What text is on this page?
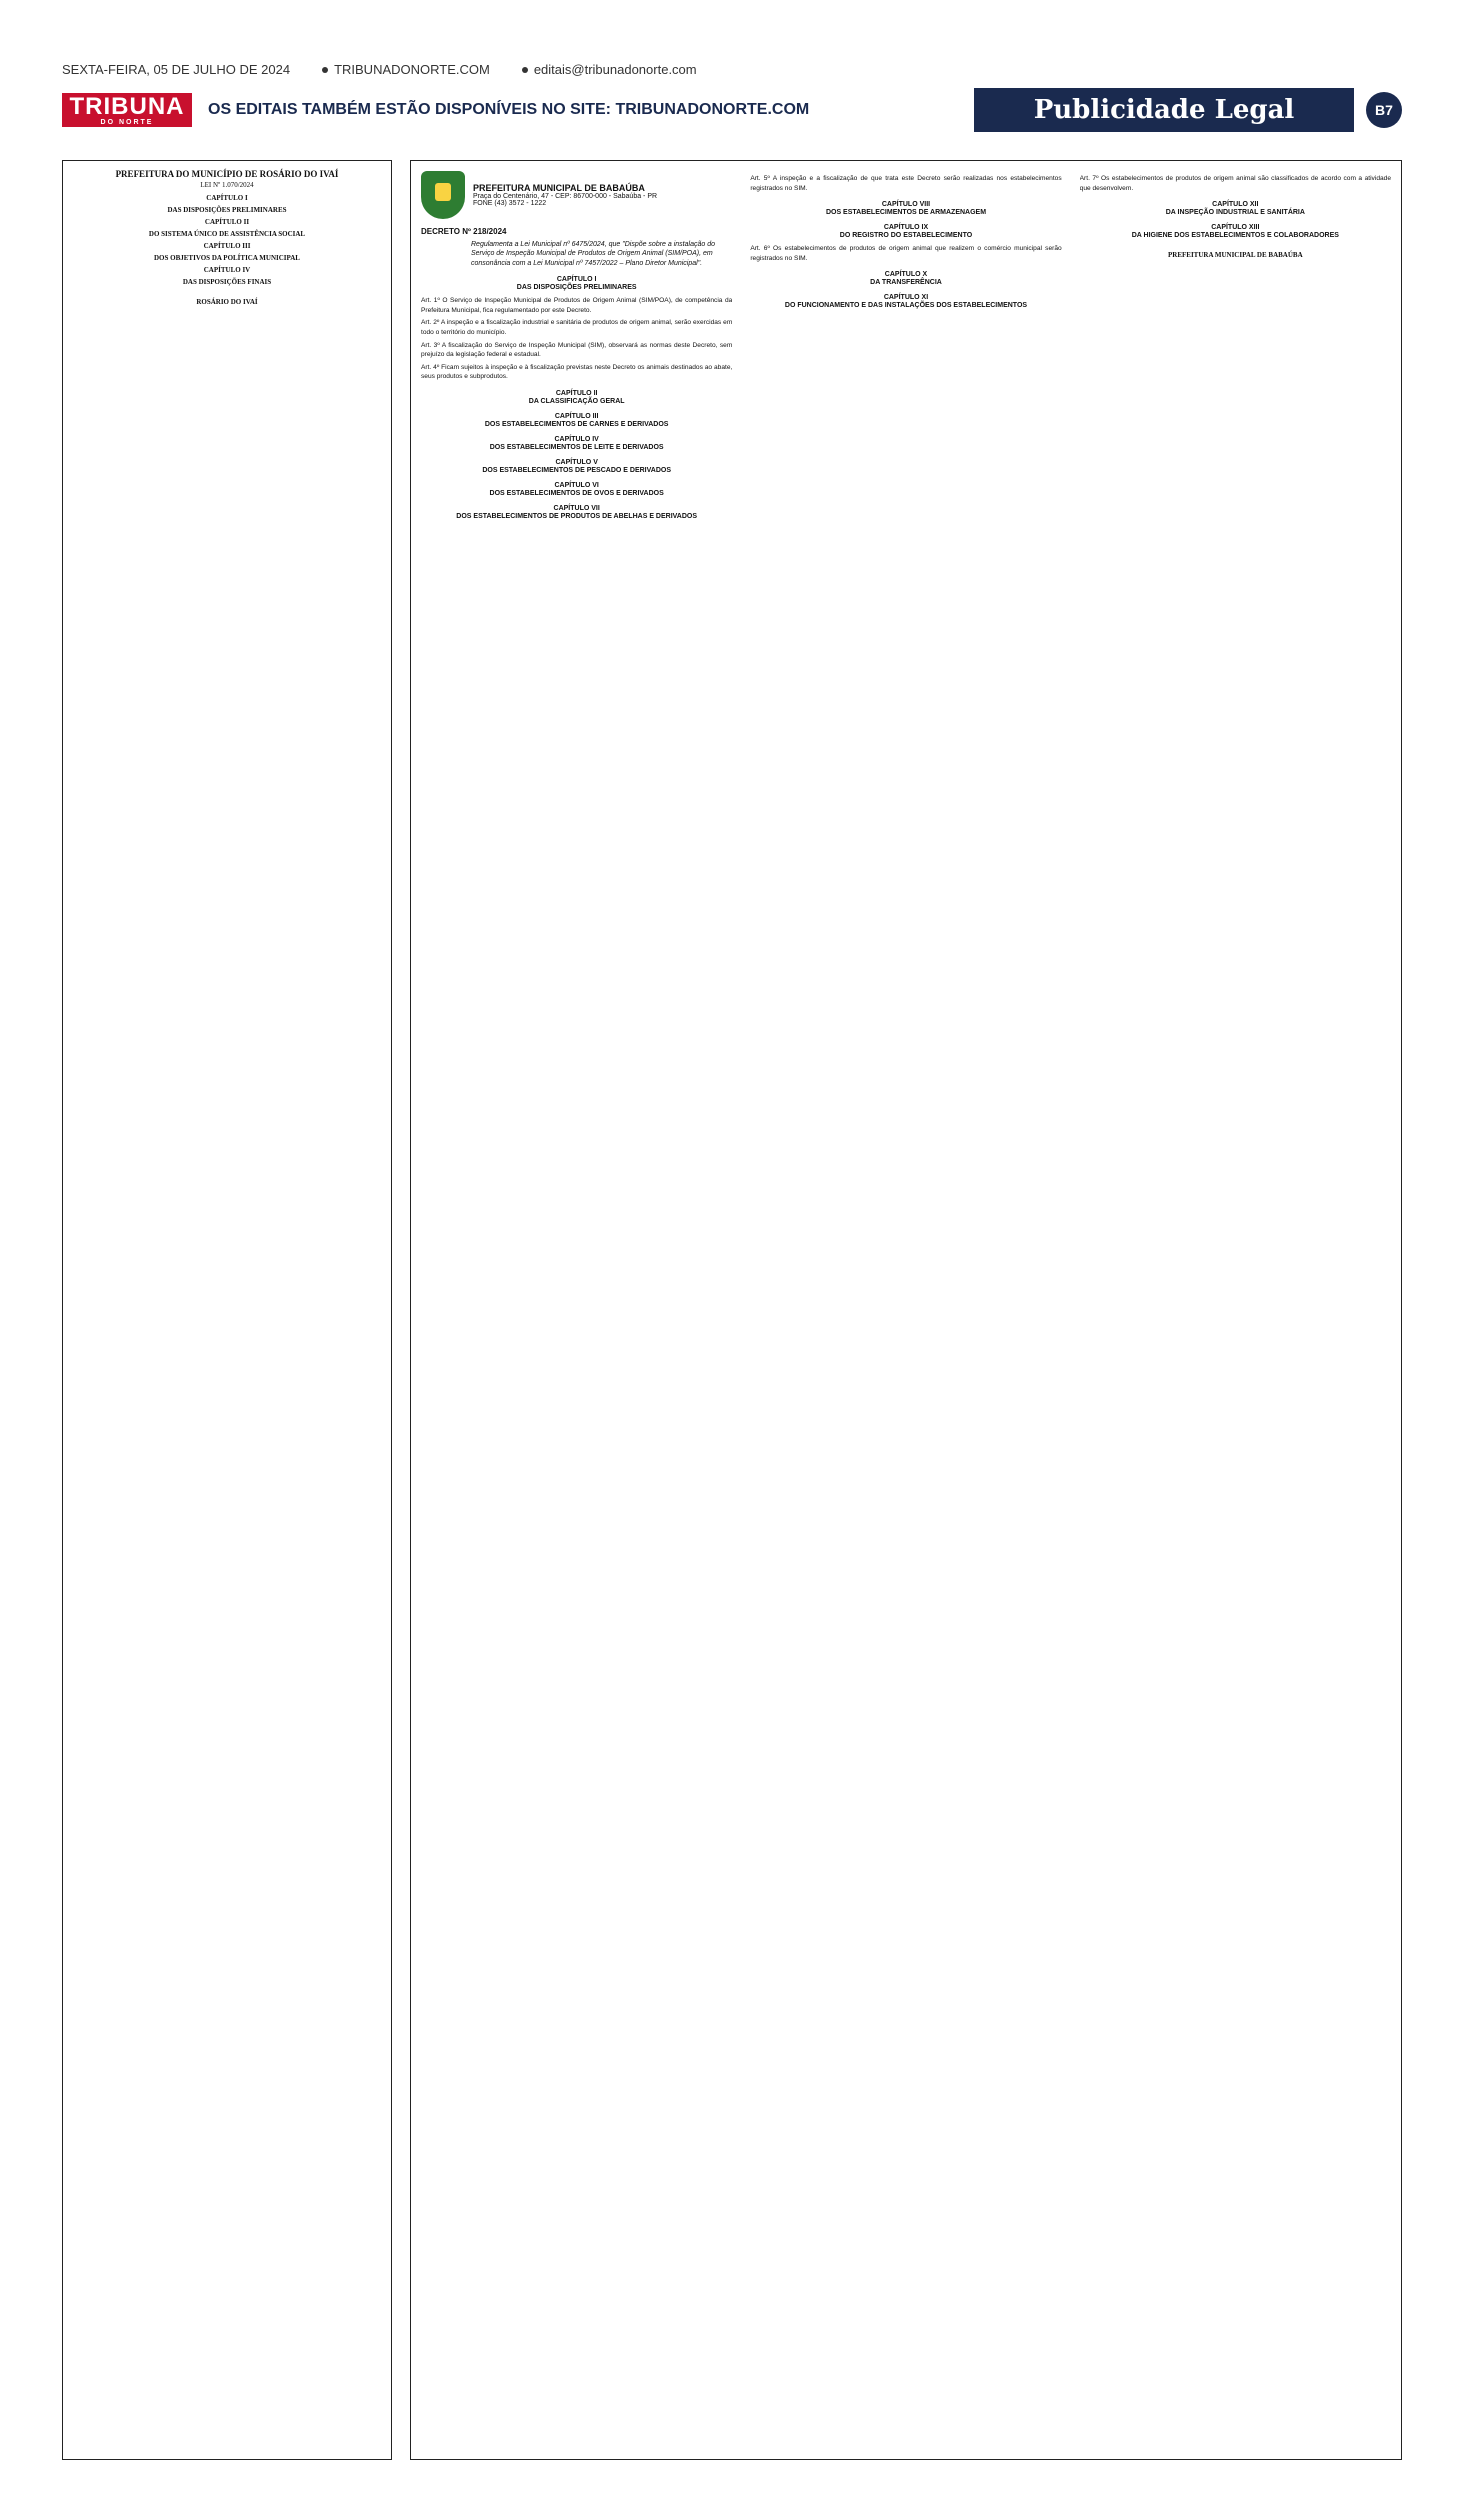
SEXTA-FEIRA, 05 DE JULHO DE 2024	TRIBUNADONORTE.COM	editais@tribunadonorte.com
TRIBUNA
DO NORTE
OS EDITAIS TAMBÉM ESTÃO DISPONÍVEIS NO SITE: TRIBUNADONORTE.COM	Publicidade Legal	B7
PREFEITURA DO MUNICÍPIO DE ROSÁRIO DO IVAÍ
LEI Nº 1.070/2024
CAPÍTULO I
DAS DISPOSIÇÕES PRELIMINARES
CAPÍTULO II
DO SISTEMA ÚNICO DE ASSISTÊNCIA SOCIAL
CAPÍTULO III
DOS OBJETIVOS DA POLÍTICA MUNICIPAL
CAPÍTULO IV
DAS DISPOSIÇÕES FINAIS
ROSÁRIO DO IVAÍ
PREFEITURA MUNICIPAL DE BABAÚBA
Praça do Centenário, 47 - CEP: 86700-000 - Sabaúba - PR
FONE (43) 3572 - 1222
DECRETO Nº 218/2024
Regulamenta a Lei Municipal nº 6475/2024, que "Dispõe sobre a instalação do Serviço de Inspeção Municipal de Produtos de Origem Animal (SIM/POA), em consonância com a Lei Municipal nº 7457/2022 – Plano Diretor Municipal".
CAPÍTULO I
DAS DISPOSIÇÕES PRELIMINARES

Art. 1º O Serviço de Inspeção Municipal de Produtos de Origem Animal (SIM/POA), de competência da Prefeitura Municipal, fica regulamentado por este Decreto.

Art. 2º A inspeção e a fiscalização industrial e sanitária de produtos de origem animal, serão exercidas em todo o território do município.

Art. 3º A fiscalização do Serviço de Inspeção Municipal (SIM), observará as normas deste Decreto, sem prejuízo da legislação federal e estadual.

Art. 4º Ficam sujeitos à inspeção e à fiscalização previstas neste Decreto os animais destinados ao abate, seus produtos e subprodutos.

CAPÍTULO II
DA CLASSIFICAÇÃO GERAL
CAPÍTULO III
DOS ESTABELECIMENTOS DE CARNES E DERIVADOS
CAPÍTULO IV
DOS ESTABELECIMENTOS DE LEITE E DERIVADOS
CAPÍTULO V
DOS ESTABELECIMENTOS DE PESCADO E DERIVADOS
CAPÍTULO VI
DOS ESTABELECIMENTOS DE OVOS E DERIVADOS
CAPÍTULO VII
DOS ESTABELECIMENTOS DE PRODUTOS DE ABELHAS E DERIVADOS

Art. 5º A inspeção e a fiscalização de que trata este Decreto serão realizadas nos estabelecimentos registrados no SIM.

CAPÍTULO VIII
DOS ESTABELECIMENTOS DE ARMAZENAGEM
CAPÍTULO IX
DO REGISTRO DO ESTABELECIMENTO

Art. 6º Os estabelecimentos de produtos de origem animal que realizem o comércio municipal serão registrados no SIM.

CAPÍTULO X
DA TRANSFERÊNCIA
CAPÍTULO XI
DO FUNCIONAMENTO E DAS INSTALAÇÕES DOS ESTABELECIMENTOS

Art. 7º Os estabelecimentos de produtos de origem animal são classificados de acordo com a atividade que desenvolvem.

CAPÍTULO XII
DA INSPEÇÃO INDUSTRIAL E SANITÁRIA
CAPÍTULO XIII
DA HIGIENE DOS ESTABELECIMENTOS E COLABORADORES
PREFEITURA MUNICIPAL DE BABAÚBA
